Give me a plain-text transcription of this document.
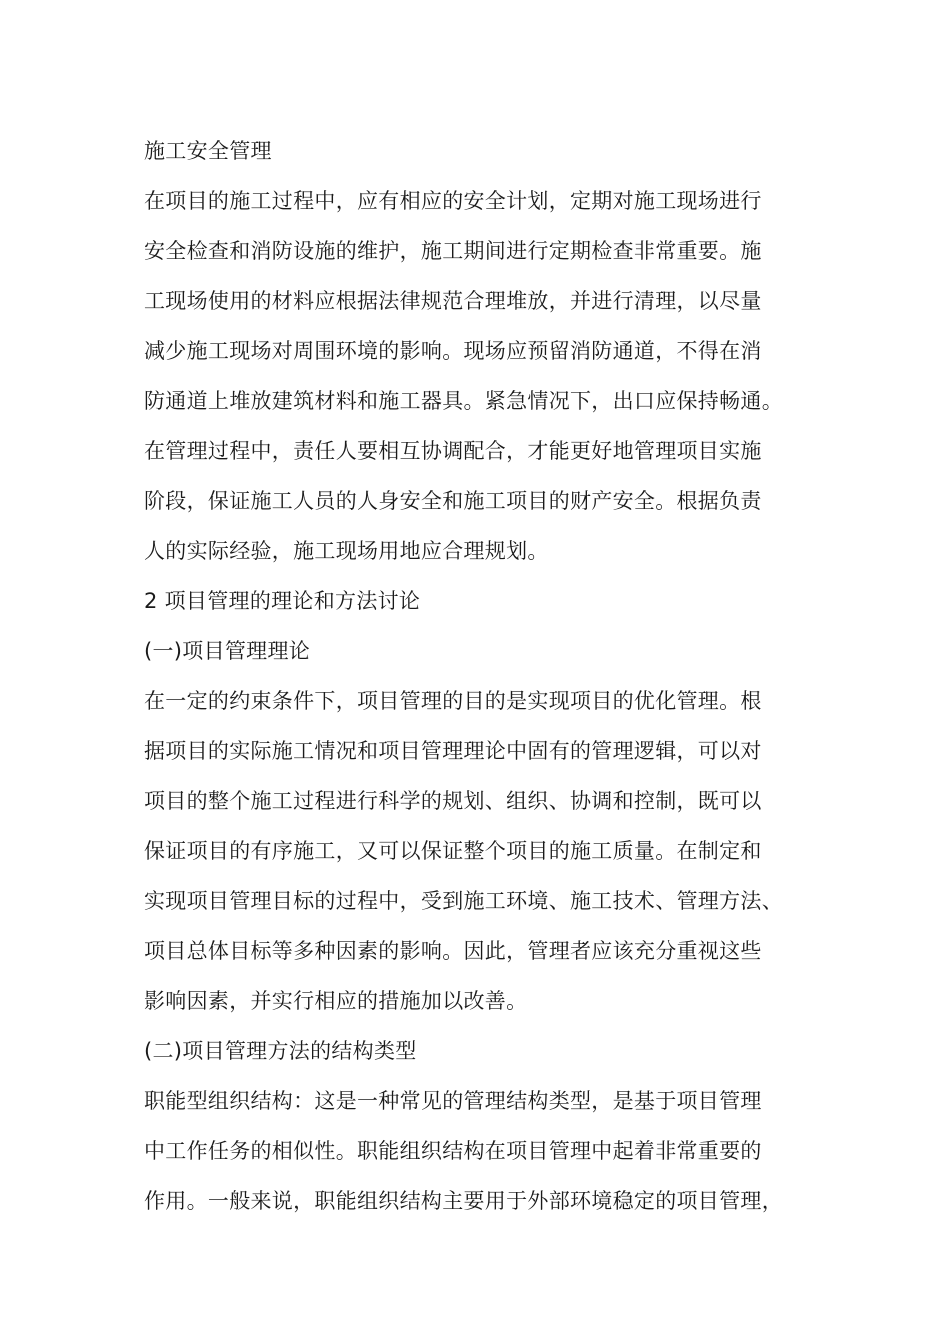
施工安全管理
在项目的施工过程中，应有相应的安全计划，定期对施工现场进行
安全检查和消防设施的维护，施工期间进行定期检查非常重要。施
工现场使用的材料应根据法律规范合理堆放，并进行清理，以尽量
减少施工现场对周围环境的影响。现场应预留消防通道，不得在消
防通道上堆放建筑材料和施工器具。紧急情况下，出口应保持畅通。
在管理过程中，责任人要相互协调配合，才能更好地管理项目实施
阶段，保证施工人员的人身安全和施工项目的财产安全。根据负责
人的实际经验，施工现场用地应合理规划。
2 项目管理的理论和方法讨论
(一)项目管理理论
在一定的约束条件下，项目管理的目的是实现项目的优化管理。根
据项目的实际施工情况和项目管理理论中固有的管理逻辑，可以对
项目的整个施工过程进行科学的规划、组织、协调和控制，既可以
保证项目的有序施工，又可以保证整个项目的施工质量。在制定和
实现项目管理目标的过程中，受到施工环境、施工技术、管理方法、
项目总体目标等多种因素的影响。因此，管理者应该充分重视这些
影响因素，并实行相应的措施加以改善。
(二)项目管理方法的结构类型
职能型组织结构：这是一种常见的管理结构类型，是基于项目管理
中工作任务的相似性。职能组织结构在项目管理中起着非常重要的
作用。一般来说，职能组织结构主要用于外部环境稳定的项目管理，
